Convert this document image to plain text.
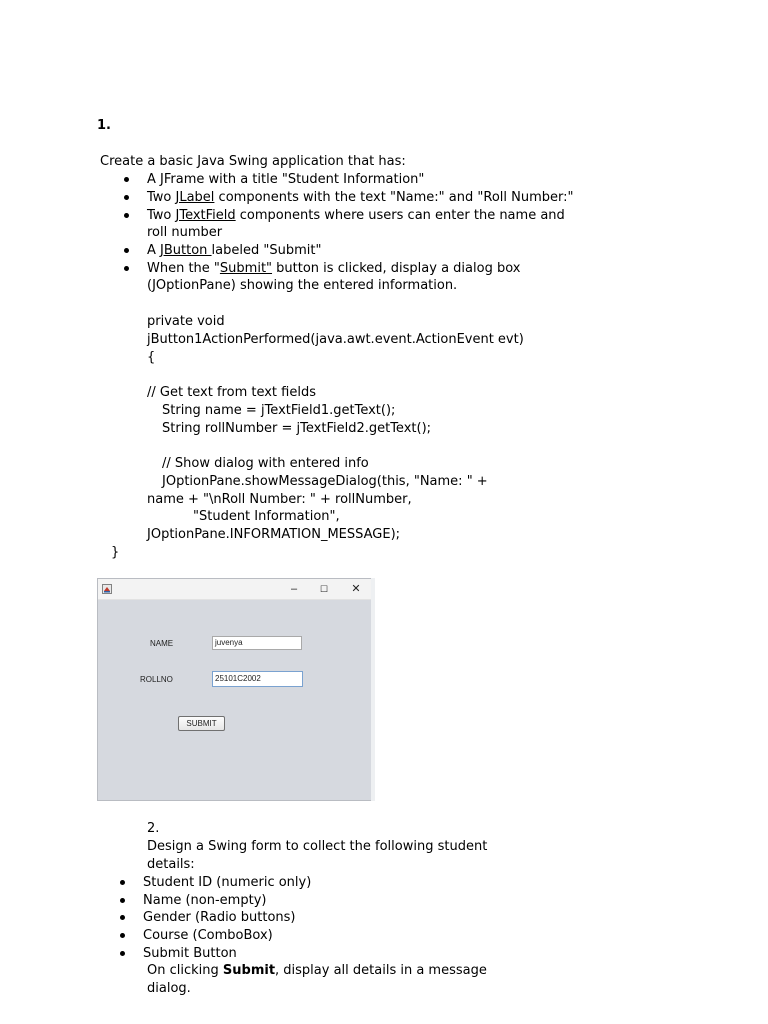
1.
Create a basic Java Swing application that has:
A JFrame with a title "Student Information"
Two JLabel components with the text "Name:" and "Roll Number:"
Two JTextField components where users can enter the name and
roll number
A JButton labeled "Submit"
When the "Submit" button is clicked, display a dialog box
(JOptionPane) showing the entered information.
private void
jButton1ActionPerformed(java.awt.event.ActionEvent evt)
{
// Get text from text fields
String name = jTextField1.getText();
String rollNumber = jTextField2.getText();
// Show dialog with entered info
JOptionPane.showMessageDialog(this, "Name: " +
name + "\nRoll Number: " + rollNumber,
"Student Information",
JOptionPane.INFORMATION_MESSAGE);
}
–	☐	✕
NAME	juvenya
ROLLNO	25101C2002
SUBMIT
2.
Design a Swing form to collect the following student
details:
Student ID (numeric only)
Name (non-empty)
Gender (Radio buttons)
Course (ComboBox)
Submit Button
On clicking Submit, display all details in a message
dialog.
